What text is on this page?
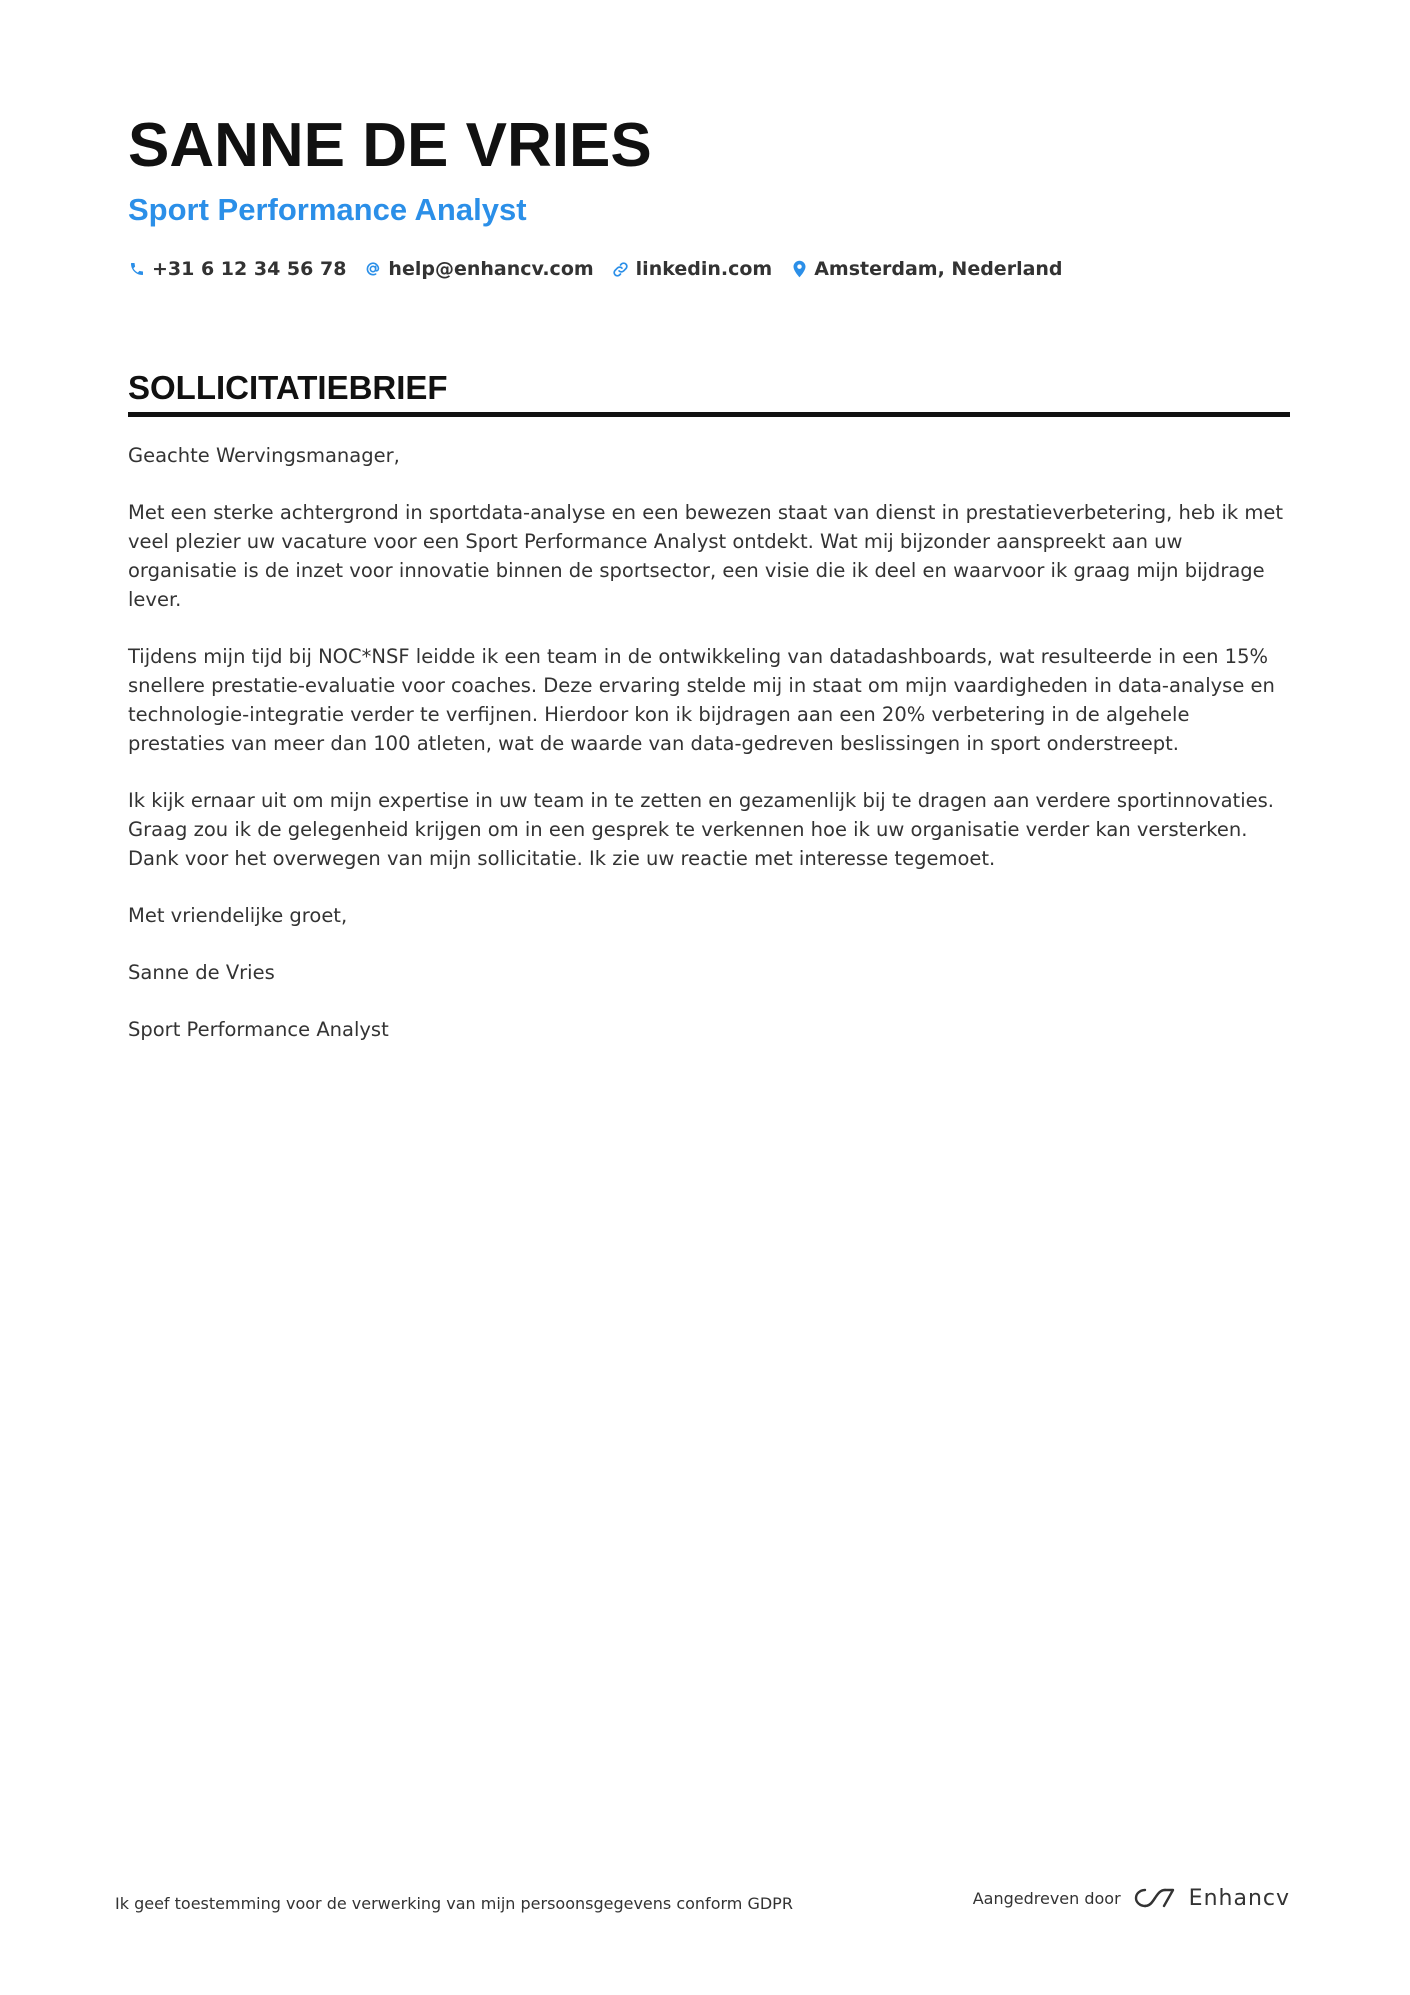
SANNE DE VRIES
Sport Performance Analyst
+31 6 12 34 56 78 help@enhancv.com linkedin.com Amsterdam, Nederland
SOLLICITATIEBRIEF

Geachte Wervingsmanager,

Met een sterke achtergrond in sportdata-analyse en een bewezen staat van dienst in prestatieverbetering, heb ik met veel plezier uw vacature voor een Sport Performance Analyst ontdekt. Wat mij bijzonder aanspreekt aan uw organisatie is de inzet voor innovatie binnen de sportsector, een visie die ik deel en waarvoor ik graag mijn bijdrage lever.

Tijdens mijn tijd bij NOC*NSF leidde ik een team in de ontwikkeling van datadashboards, wat resulteerde in een 15% snellere prestatie-evaluatie voor coaches. Deze ervaring stelde mij in staat om mijn vaardigheden in data-analyse en technologie-integratie verder te verfijnen. Hierdoor kon ik bijdragen aan een 20% verbetering in de algehele prestaties van meer dan 100 atleten, wat de waarde van data-gedreven beslissingen in sport onderstreept.

Ik kijk ernaar uit om mijn expertise in uw team in te zetten en gezamenlijk bij te dragen aan verdere sportinnovaties. Graag zou ik de gelegenheid krijgen om in een gesprek te verkennen hoe ik uw organisatie verder kan versterken. Dank voor het overwegen van mijn sollicitatie. Ik zie uw reactie met interesse tegemoet.

Met vriendelijke groet,

Sanne de Vries

Sport Performance Analyst

Ik geef toestemming voor de verwerking van mijn persoonsgegevens conform GDPR	Aangedreven door	Enhancv
